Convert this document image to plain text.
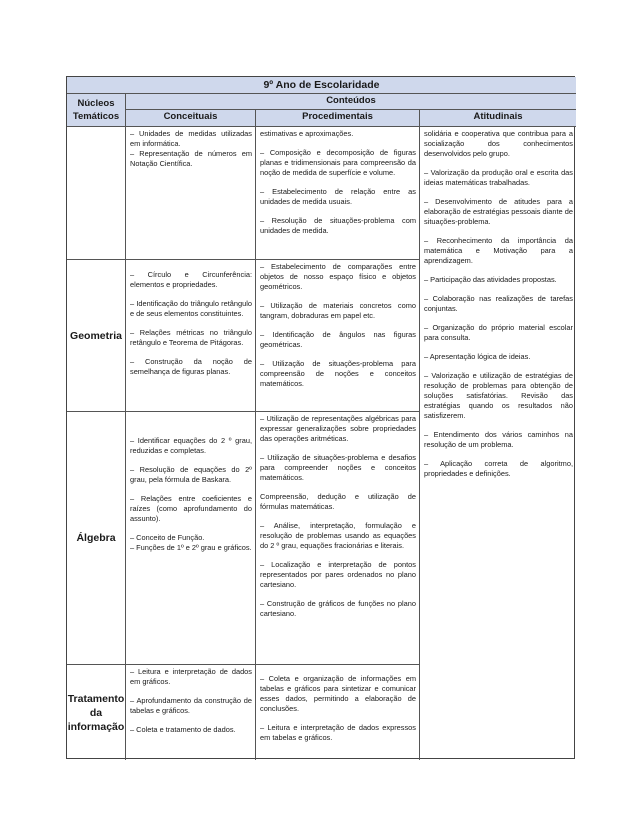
9º Ano de Escolaridade
Núcleos Temáticos
Conteúdos
Conceituais	Procedimentais	Atitudinais
Geometria
Álgebra
Tratamento da informação

– Unidades de medidas utilizadas em informática.
– Representação de números em Notação Científica.

– Círculo e Circunferência: elementos e propriedades.

– Identificação do triângulo retângulo e de seus elementos constituintes.

– Relações métricas no triângulo retângulo e Teorema de Pitágoras.

– Construção da noção de semelhança de figuras planas.

– Identificar equações do 2 º grau, reduzidas e completas.

– Resolução de equações do 2º grau, pela fórmula de Baskara.

– Relações entre coeficientes e raízes (como aprofundamento do assunto).

– Conceito de Função.
– Funções de 1º e 2º grau e gráficos.

– Leitura e interpretação de dados em gráficos.

– Aprofundamento da construção de tabelas e gráficos.

– Coleta e tratamento de dados.

estimativas e aproximações.

– Composição e decomposição de figuras planas e tridimensionais para compreensão da noção de medida de superfície e volume.

– Estabelecimento de relação entre as unidades de medida usuais.

– Resolução de situações-problema com unidades de medida.

– Estabelecimento de comparações entre objetos de nosso espaço físico e objetos geométricos.

– Utilização de materiais concretos como tangram, dobraduras em papel etc.

– Identificação de ângulos nas figuras geométricas.

– Utilização de situações-problema para compreensão de noções e conceitos matemáticos.

– Utilização de representações algébricas para expressar generalizações sobre propriedades das operações aritméticas.

– Utilização de situações-problema e desafios para compreender noções e conceitos matemáticos.

Compreensão, dedução e utilização de fórmulas matemáticas.

– Análise, interpretação, formulação e resolução de problemas usando as equações do 2 º grau, equações fracionárias e literais.

– Localização e interpretação de pontos representados por pares ordenados no plano cartesiano.

– Construção de gráficos de funções no plano cartesiano.

– Coleta e organização de informações em tabelas e gráficos para sintetizar e comunicar esses dados, permitindo a elaboração de conclusões.

– Leitura e interpretação de dados expressos em tabelas e gráficos.

solidária e cooperativa que contribua para a socialização dos conhecimentos desenvolvidos pelo grupo.

– Valorização da produção oral e escrita das ideias matemáticas trabalhadas.

– Desenvolvimento de atitudes para a elaboração de estratégias pessoais diante de situações-problema.

– Reconhecimento da importância da matemática e Motivação para a aprendizagem.

– Participação das atividades propostas.

– Colaboração nas realizações de tarefas conjuntas.

– Organização do próprio material escolar para consulta.

– Apresentação lógica de ideias.

– Valorização e utilização de estratégias de resolução de problemas para obtenção de soluções satisfatórias. Revisão das estratégias quando os resultados não satisfizerem.

– Entendimento dos vários caminhos na resolução de um problema.

– Aplicação correta de algoritmo, propriedades e definições.
